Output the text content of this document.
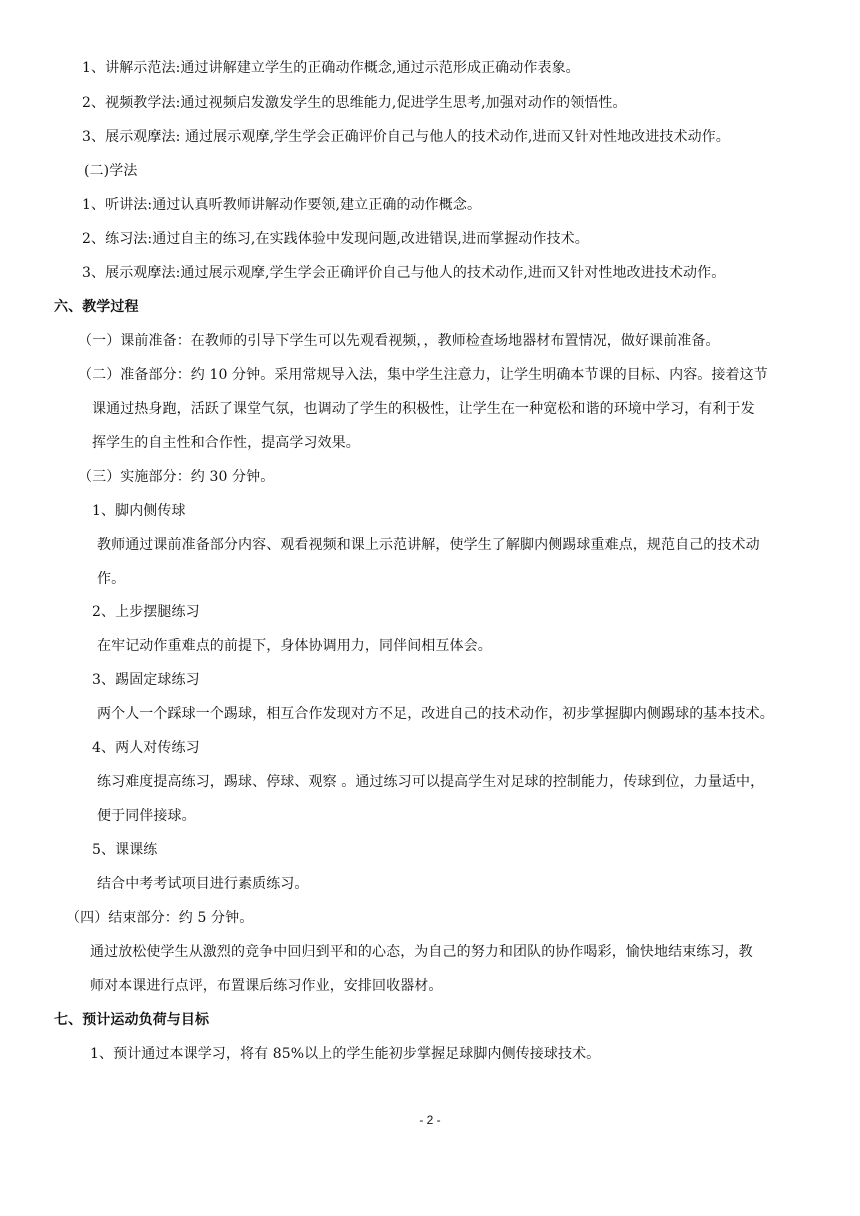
1、讲解示范法:通过讲解建立学生的正确动作概念,通过示范形成正确动作表象。
2、视频教学法:通过视频启发激发学生的思维能力,促进学生思考,加强对动作的领悟性。
3、展示观摩法: 通过展示观摩,学生学会正确评价自己与他人的技术动作,进而又针对性地改进技术动作。
(二)学法
1、听讲法:通过认真听教师讲解动作要领,建立正确的动作概念。
2、练习法:通过自主的练习,在实践体验中发现问题,改进错误,进而掌握动作技术。
3、展示观摩法:通过展示观摩,学生学会正确评价自己与他人的技术动作,进而又针对性地改进技术动作。
六、教学过程
（一）课前准备：在教师的引导下学生可以先观看视频，，教师检查场地器材布置情况，做好课前准备。
（二）准备部分：约 10 分钟。采用常规导入法，集中学生注意力，让学生明确本节课的目标、内容。接着这节
课通过热身跑，活跃了课堂气氛，也调动了学生的积极性，让学生在一种宽松和谐的环境中学习，有利于发
挥学生的自主性和合作性，提高学习效果。
（三）实施部分：约 30 分钟。
1、脚内侧传球
教师通过课前准备部分内容、观看视频和课上示范讲解，使学生了解脚内侧踢球重难点，规范自己的技术动
作。
2、上步摆腿练习
在牢记动作重难点的前提下，身体协调用力，同伴间相互体会。
3、踢固定球练习
两个人一个踩球一个踢球，相互合作发现对方不足，改进自己的技术动作，初步掌握脚内侧踢球的基本技术。
4、两人对传练习
练习难度提高练习，踢球、停球、观察 。通过练习可以提高学生对足球的控制能力，传球到位，力量适中，
便于同伴接球。
5、课课练
结合中考考试项目进行素质练习。
（四）结束部分：约 5 分钟。
通过放松使学生从激烈的竞争中回归到平和的心态，为自己的努力和团队的协作喝彩，愉快地结束练习，教
师对本课进行点评，布置课后练习作业，安排回收器材。
七、预计运动负荷与目标
1、预计通过本课学习，将有 85%以上的学生能初步掌握足球脚内侧传接球技术。
- 2 -
